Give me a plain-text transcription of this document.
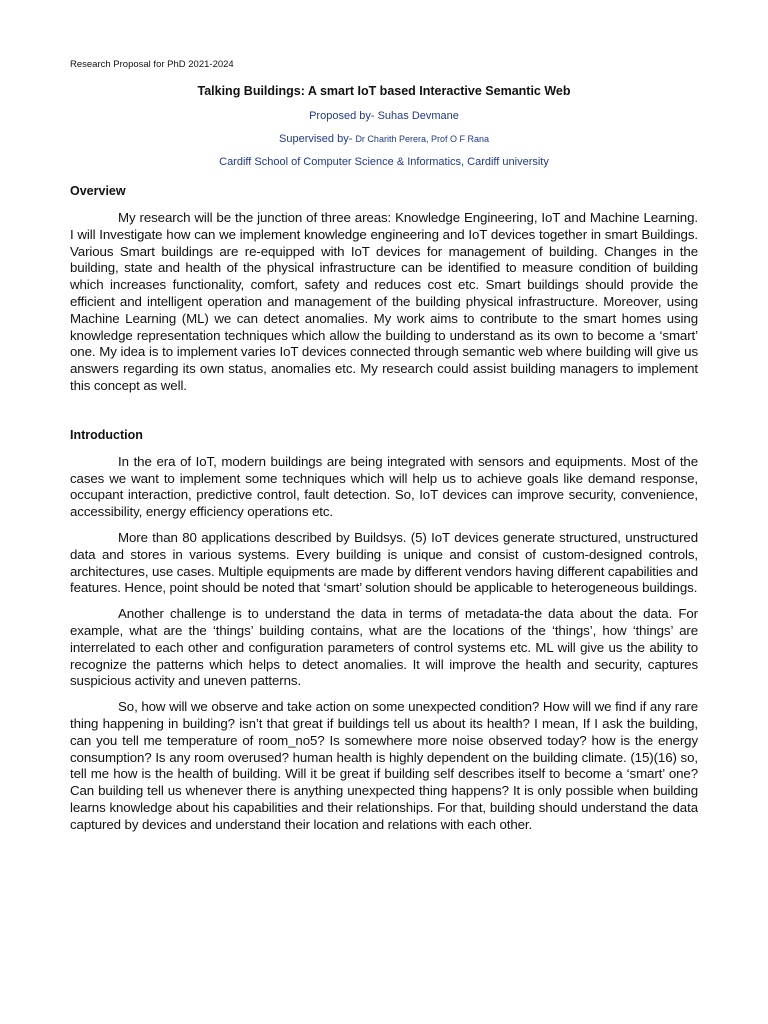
Research Proposal for PhD 2021-2024

Talking Buildings: A smart IoT based Interactive Semantic Web

Proposed by- Suhas Devmane

Supervised by- Dr Charith Perera, Prof O F Rana

Cardiff School of Computer Science & Informatics, Cardiff university

Overview

My research will be the junction of three areas: Knowledge Engineering, IoT and Machine Learning. I will Investigate how can we implement knowledge engineering and IoT devices together in smart Buildings. Various Smart buildings are re-equipped with IoT devices for management of building. Changes in the building, state and health of the physical infrastructure can be identified to measure condition of building which increases functionality, comfort, safety and reduces cost etc. Smart buildings should provide the efficient and intelligent operation and management of the building physical infrastructure. Moreover, using Machine Learning (ML) we can detect anomalies. My work aims to contribute to the smart homes using knowledge representation techniques which allow the building to understand as its own to become a ‘smart’ one. My idea is to implement varies IoT devices connected through semantic web where building will give us answers regarding its own status, anomalies etc. My research could assist building managers to implement this concept as well.

Introduction

In the era of IoT, modern buildings are being integrated with sensors and equipments. Most of the cases we want to implement some techniques which will help us to achieve goals like demand response, occupant interaction, predictive control, fault detection. So, IoT devices can improve security, convenience, accessibility, energy efficiency operations etc.

More than 80 applications described by Buildsys. (5) IoT devices generate structured, unstructured data and stores in various systems. Every building is unique and consist of custom-designed controls, architectures, use cases. Multiple equipments are made by different vendors having different capabilities and features. Hence, point should be noted that ‘smart’ solution should be applicable to heterogeneous buildings.

Another challenge is to understand the data in terms of metadata-the data about the data. For example, what are the ‘things’ building contains, what are the locations of the ‘things’, how ‘things’ are interrelated to each other and configuration parameters of control systems etc. ML will give us the ability to recognize the patterns which helps to detect anomalies. It will improve the health and security, captures suspicious activity and uneven patterns.

So, how will we observe and take action on some unexpected condition? How will we find if any rare thing happening in building? isn’t that great if buildings tell us about its health? I mean, If I ask the building, can you tell me temperature of room_no5? Is somewhere more noise observed today? how is the energy consumption? Is any room overused? human health is highly dependent on the building climate. (15)(16) so, tell me how is the health of building. Will it be great if building self describes itself to become a ‘smart’ one? Can building tell us whenever there is anything unexpected thing happens? It is only possible when building learns knowledge about his capabilities and their relationships. For that, building should understand the data captured by devices and understand their location and relations with each other.
